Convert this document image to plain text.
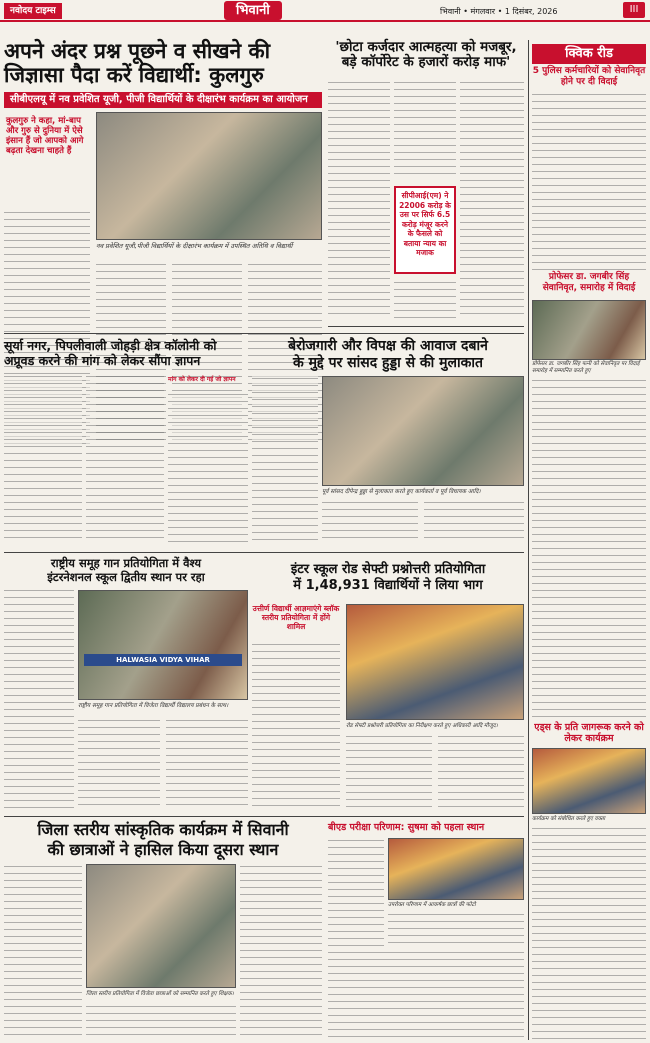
नवोदय टाइम्स	भिवानी	भिवानी • मंगलवार • 1 दिसंबर, 2026	III
अपने अंदर प्रश्न पूछने व सीखने की
जिज्ञासा पैदा करें विद्यार्थी: कुलगुरु
सीबीएलयू में नव प्रवेशित यूजी, पीजी विद्यार्थियों के दीक्षारंभ कार्यक्रम का आयोजन
कुलगुरु ने कहा, मां-बाप और गुरु से दुनिया में ऐसे इंसान हैं जो आपको आगे बढ़ता देखना चाहते हैं
नव प्रवेशित यूजी,पीजी विद्यार्थियों के दीक्षारंभ कार्यक्रम में उपस्थित अतिथि व विद्यार्थी
'छोटा कर्जदार आत्महत्या को मजबूर,
बड़े कॉर्पोरेट के हजारों करोड़ माफ'
सीपीआई(एम) ने 22006 करोड़ के उस पर सिर्फ 6.5 करोड़ मंजूर करने के फैसले को बताया न्याय का मजाक
क्विक रीड
5 पुलिस कर्मचारियों को सेवानिवृत होने पर दी विदाई
प्रोफेसर डा. जगबीर सिंह सेवानिवृत, समारोह में विदाई
प्रोफेसर डा. जगबीर सिंह पत्नी को सेवानिवृत पर विदाई समारोह में सम्मानित करते हुए
एड्स के प्रति जागरूक करने को लेकर कार्यक्रम
कार्यक्रम को संबोधित करते हुए वक्ता
सूर्या नगर, पिपलीवाली जोहड़ी क्षेत्र कॉलोनी को
अप्रूवड करने की मांग को लेकर सौंपा ज्ञापन
मांग को लेकर दी गई जो ज्ञापन
बेरोजगारी और विपक्ष की आवाज दबाने
के मुद्दे पर सांसद हुड्डा से की मुलाकात
पूर्व सांसद दीपेन्द्र हुड्डा से मुलाकात करते हुए कार्यकर्ता व पूर्व विधायक आदि।
राष्ट्रीय समूह गान प्रतियोगिता में वैश्य
इंटरनेशनल स्कूल द्वितीय स्थान पर रहा
HALWASIA VIDYA VIHAR
राष्ट्रीय समूह गान प्रतियोगिता में विजेता विद्यार्थी विद्यालय प्रबंधन के साथ।
इंटर स्कूल रोड सेफ्टी प्रश्नोत्तरी प्रतियोगिता
में 1,48,931 विद्यार्थियों ने लिया भाग
उत्तीर्ण विद्यार्थी आज्ञमाएंगे ब्लॉक स्तरीय प्रतियोगिता में होंगे शामिल
रोड सेफ्टी प्रश्नोत्तरी प्रतियोगिता का निरीक्षण करते हुए अधिकारी आदि मौजूद।
जिला स्तरीय सांस्कृतिक कार्यक्रम में सिवानी
की छात्राओं ने हासिल किया दूसरा स्थान
जिला स्तरीय प्रतियोगिता में विजेता छात्राओं को सम्मानित करते हुए शिक्षक।
बीएड परीक्षा परिणाम: सुषमा को पहला स्थान
उपरोक्त परिणाम में आकर्षक छात्रों की फोटो
